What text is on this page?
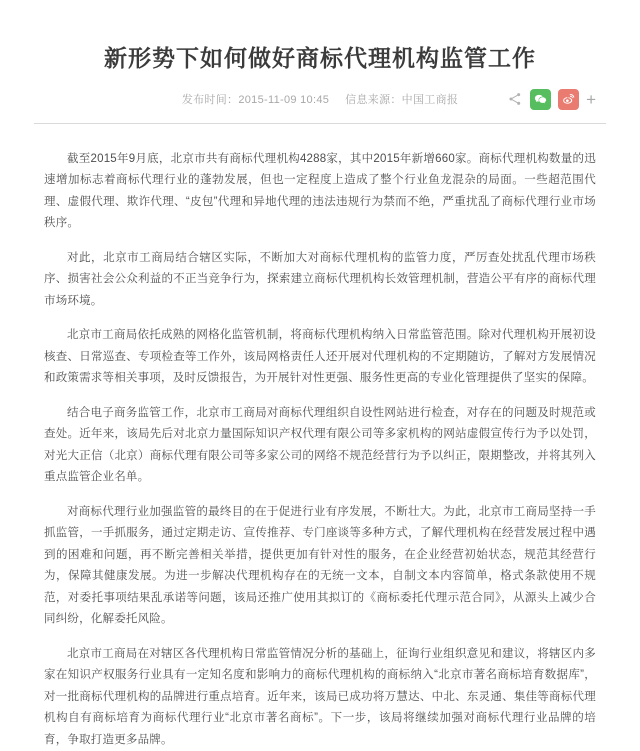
新形势下如何做好商标代理机构监管工作
发布时间：2015-11-09 10:45 信息来源：中国工商报	+

截至2015年9月底，北京市共有商标代理机构4288家，其中2015年新增660家。商标代理机构数量的迅速增加标志着商标代理行业的蓬勃发展，但也一定程度上造成了整个行业鱼龙混杂的局面。一些超范围代理、虚假代理、欺诈代理、“皮包”代理和异地代理的违法违规行为禁而不绝，严重扰乱了商标代理行业市场秩序。

对此，北京市工商局结合辖区实际，不断加大对商标代理机构的监管力度，严厉查处扰乱代理市场秩序、损害社会公众利益的不正当竞争行为，探索建立商标代理机构长效管理机制，营造公平有序的商标代理市场环境。

北京市工商局依托成熟的网格化监管机制，将商标代理机构纳入日常监管范围。除对代理机构开展初设核查、日常巡查、专项检查等工作外，该局网格责任人还开展对代理机构的不定期随访，了解对方发展情况和政策需求等相关事项，及时反馈报告，为开展针对性更强、服务性更高的专业化管理提供了坚实的保障。

结合电子商务监管工作，北京市工商局对商标代理组织自设性网站进行检查，对存在的问题及时规范或查处。近年来，该局先后对北京力量国际知识产权代理有限公司等多家机构的网站虚假宣传行为予以处罚，对光大正信（北京）商标代理有限公司等多家公司的网络不规范经营行为予以纠正，限期整改，并将其列入重点监管企业名单。

对商标代理行业加强监管的最终目的在于促进行业有序发展，不断壮大。为此，北京市工商局坚持一手抓监管，一手抓服务，通过定期走访、宣传推荐、专门座谈等多种方式，了解代理机构在经营发展过程中遇到的困难和问题，再不断完善相关举措，提供更加有针对性的服务，在企业经营初始状态，规范其经营行为，保障其健康发展。为进一步解决代理机构存在的无统一文本，自制文本内容简单，格式条款使用不规范，对委托事项结果乱承诺等问题，该局还推广使用其拟订的《商标委托代理示范合同》，从源头上减少合同纠纷，化解委托风险。

北京市工商局在对辖区各代理机构日常监管情况分析的基础上，征询行业组织意见和建议，将辖区内多家在知识产权服务行业具有一定知名度和影响力的商标代理机构的商标纳入“北京市著名商标培育数据库”，对一批商标代理机构的品牌进行重点培育。近年来，该局已成功将万慧达、中北、东灵通、集佳等商标代理机构自有商标培育为商标代理行业“北京市著名商标”。下一步，该局将继续加强对商标代理行业品牌的培育，争取打造更多品牌。
